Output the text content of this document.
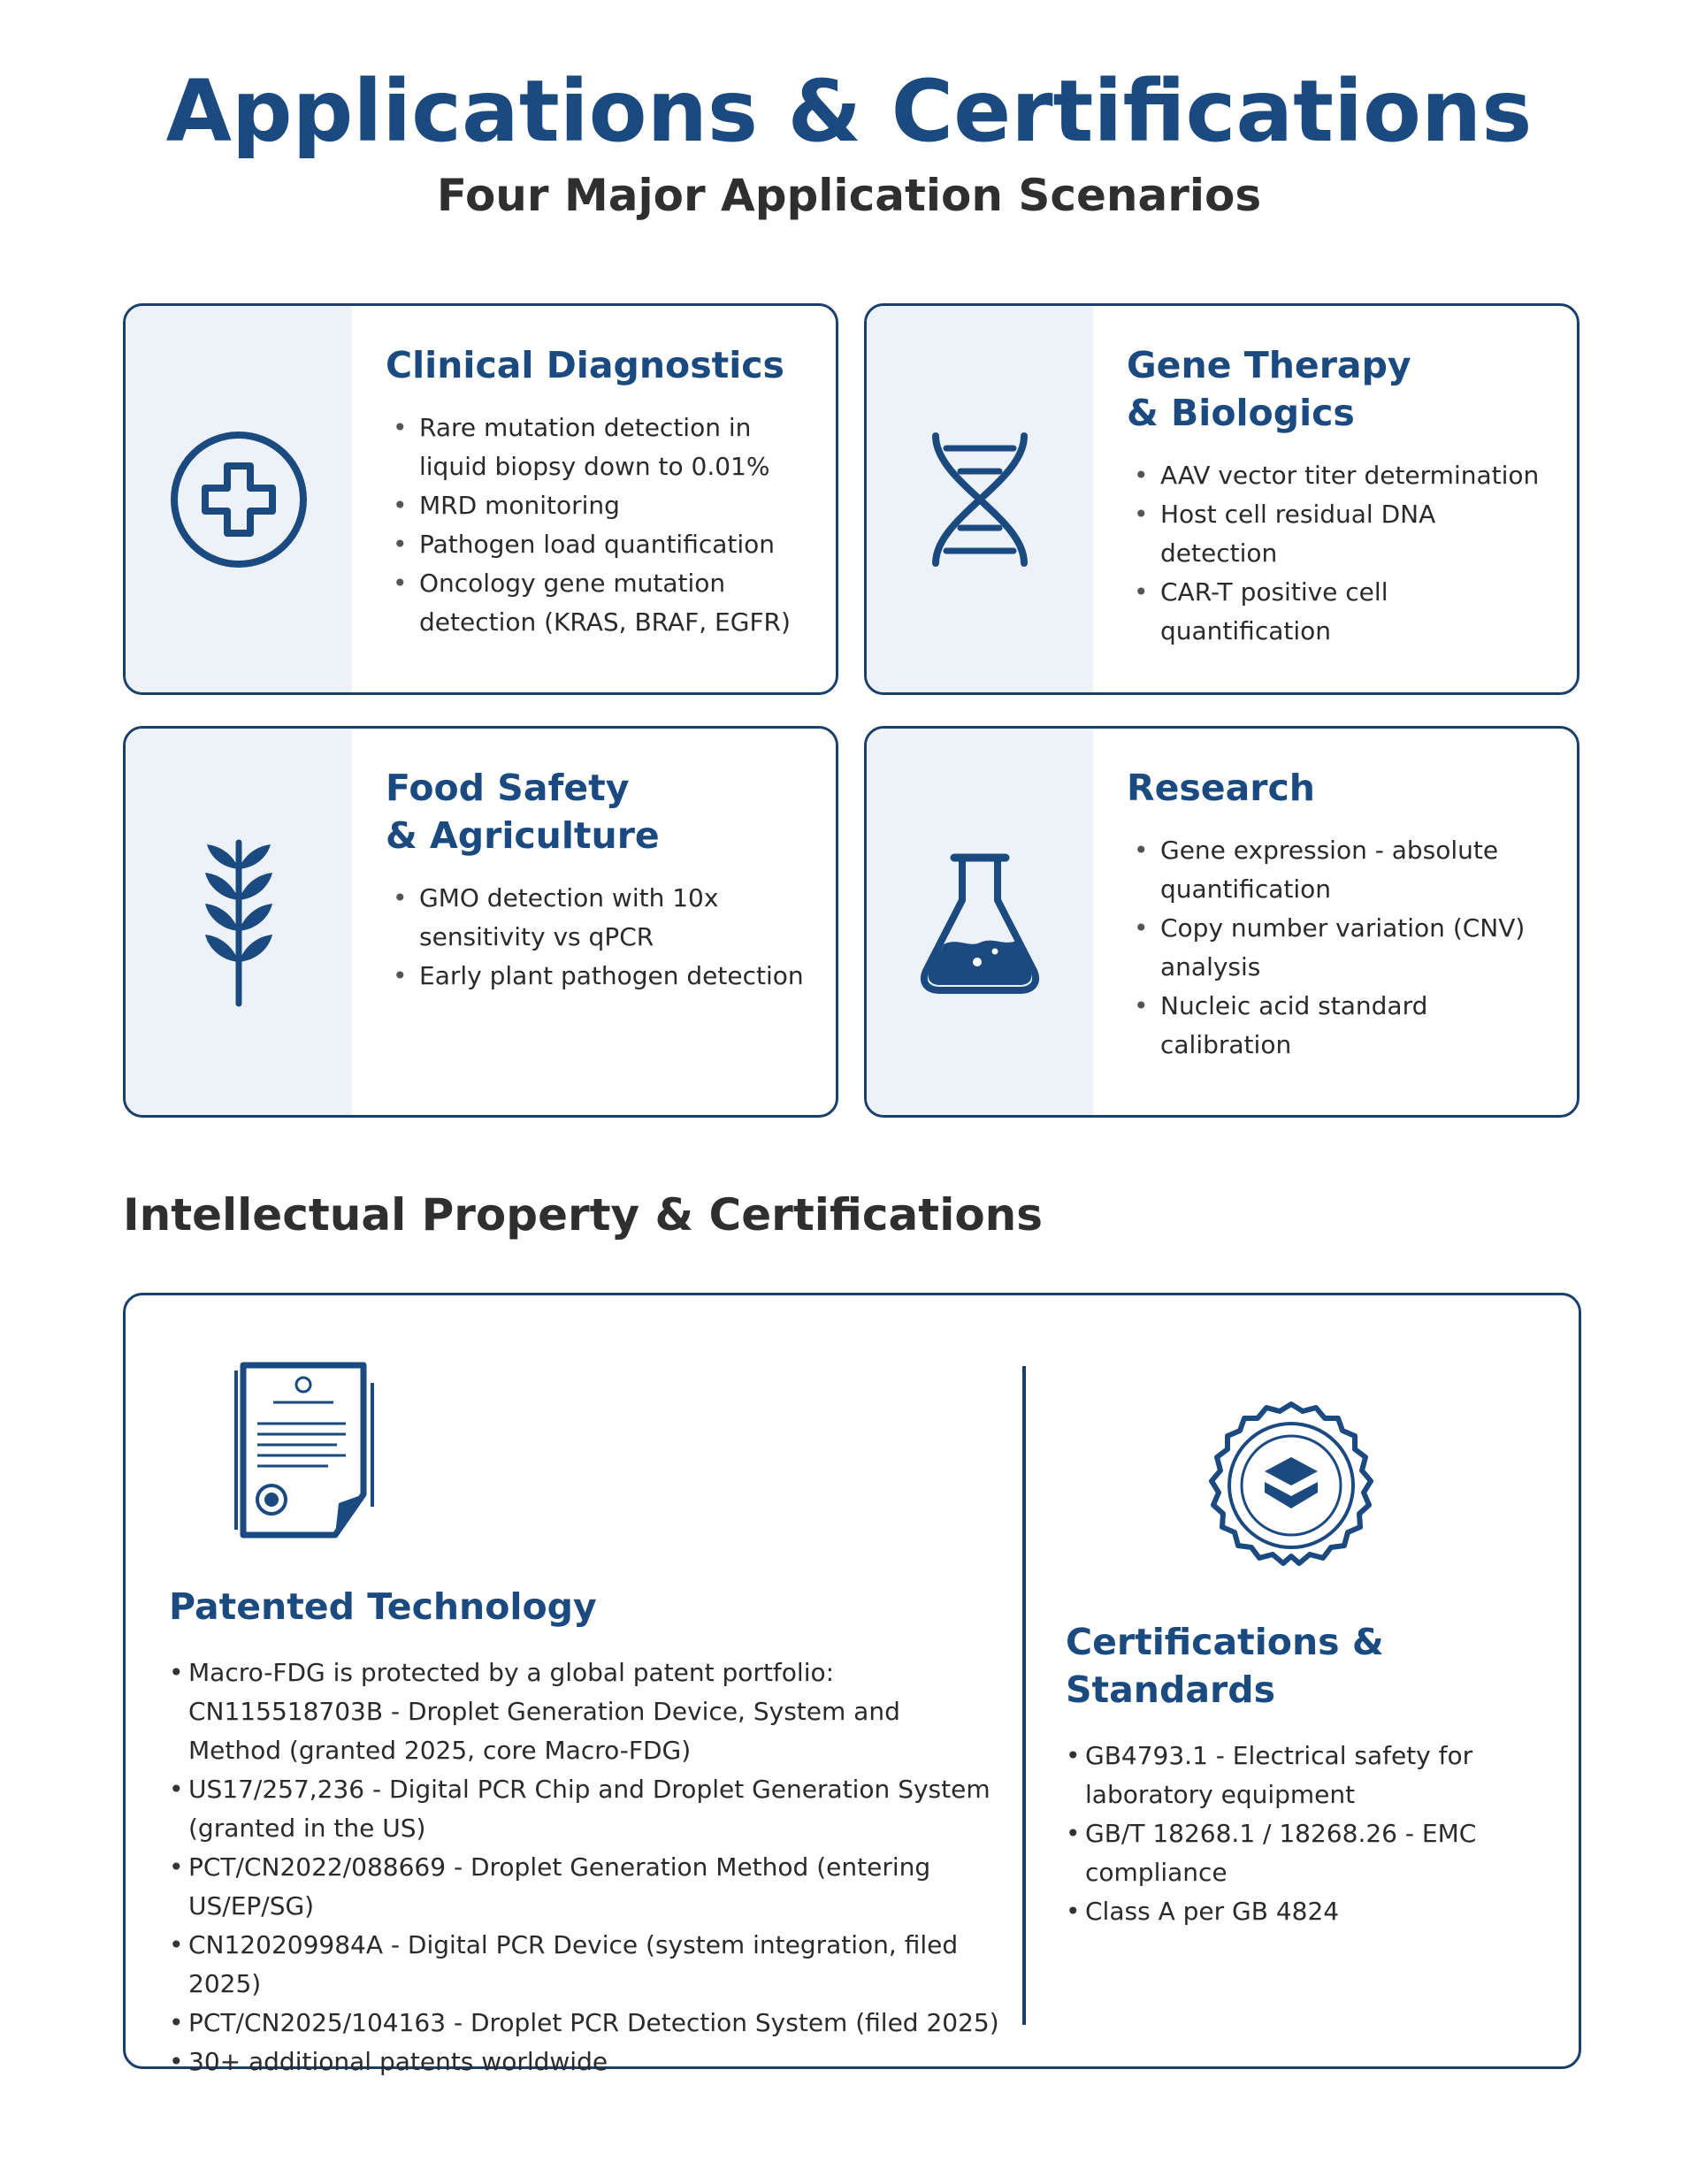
Applications & Certifications
Four Major Application Scenarios
Clinical Diagnostics
• Rare mutation detection in liquid biopsy down to 0.01%
• MRD monitoring
• Pathogen load quantification
• Oncology gene mutation detection (KRAS, BRAF, EGFR)
Gene Therapy
& Biologics
• AAV vector titer determination
• Host cell residual DNA detection
• CAR-T positive cell quantification
Food Safety
& Agriculture
• GMO detection with 10x sensitivity vs qPCR
• Early plant pathogen detection
Research
• Gene expression - absolute quantification
• Copy number variation (CNV) analysis
• Nucleic acid standard calibration
Intellectual Property & Certifications
Patented Technology
• Macro-FDG is protected by a global patent portfolio: CN115518703B - Droplet Generation Device, System and Method (granted 2025, core Macro-FDG)
• US17/257,236 - Digital PCR Chip and Droplet Generation System (granted in the US)
• PCT/CN2022/088669 - Droplet Generation Method (entering US/EP/SG)
• CN120209984A - Digital PCR Device (system integration, filed 2025)
• PCT/CN2025/104163 - Droplet PCR Detection System (filed 2025)
• 30+ additional patents worldwide
Certifications & Standards
• GB4793.1 - Electrical safety for laboratory equipment
• GB/T 18268.1 / 18268.26 - EMC compliance
• Class A per GB 4824
